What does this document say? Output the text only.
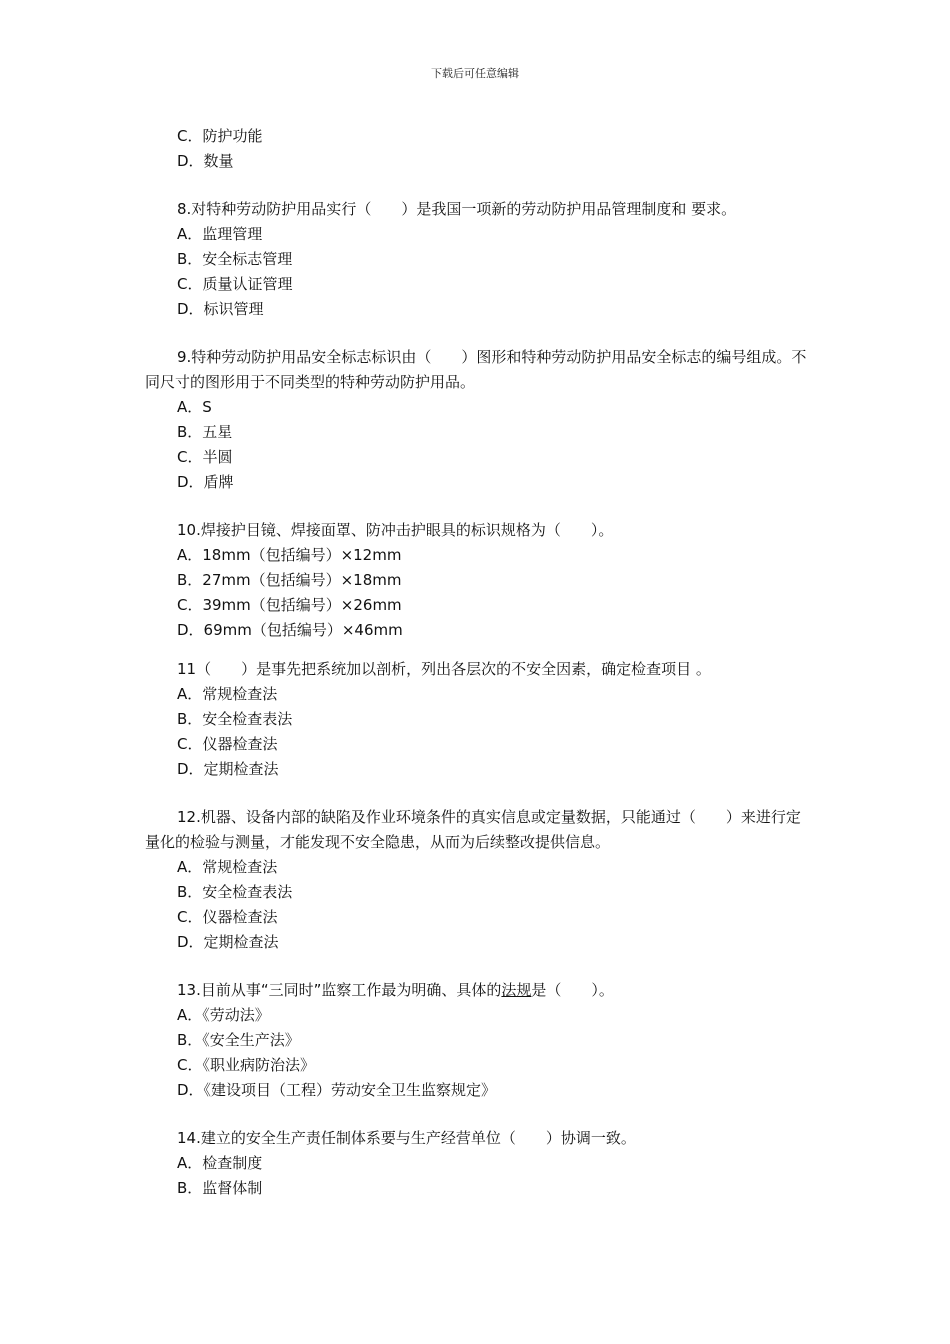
下载后可任意编辑

C．防护功能

D．数量

8.对特种劳动防护用品实行（　　）是我国一项新的劳动防护用品管理制度和 要求。

A．监理管理

B．安全标志管理

C．质量认证管理

D．标识管理

9.特种劳动防护用品安全标志标识由（　　）图形和特种劳动防护用品安全标志的编号组成。不同尺寸的图形用于不同类型的特种劳动防护用品。

A．S

B．五星

C．半圆

D．盾牌

10.焊接护目镜、焊接面罩、防冲击护眼具的标识规格为（　　）。

A．18mm（包括编号）×12mm

B．27mm（包括编号）×18mm

C．39mm（包括编号）×26mm

D．69mm（包括编号）×46mm

11（　　）是事先把系统加以剖析，列出各层次的不安全因素，确定检查项目 。

A．常规检查法

B．安全检查表法

C．仪器检查法

D．定期检查法

12.机器、设备内部的缺陷及作业环境条件的真实信息或定量数据，只能通过（　　）来进行定量化的检验与测量，才能发现不安全隐患，从而为后续整改提供信息。

A．常规检查法

B．安全检查表法

C．仪器检查法

D．定期检查法

13.目前从事“三同时”监察工作最为明确、具体的法规是（　　）。

A．《劳动法》

B．《安全生产法》

C．《职业病防治法》

D．《建设项目（工程）劳动安全卫生监察规定》

14.建立的安全生产责任制体系要与生产经营单位（　　）协调一致。

A．检查制度

B．监督体制
